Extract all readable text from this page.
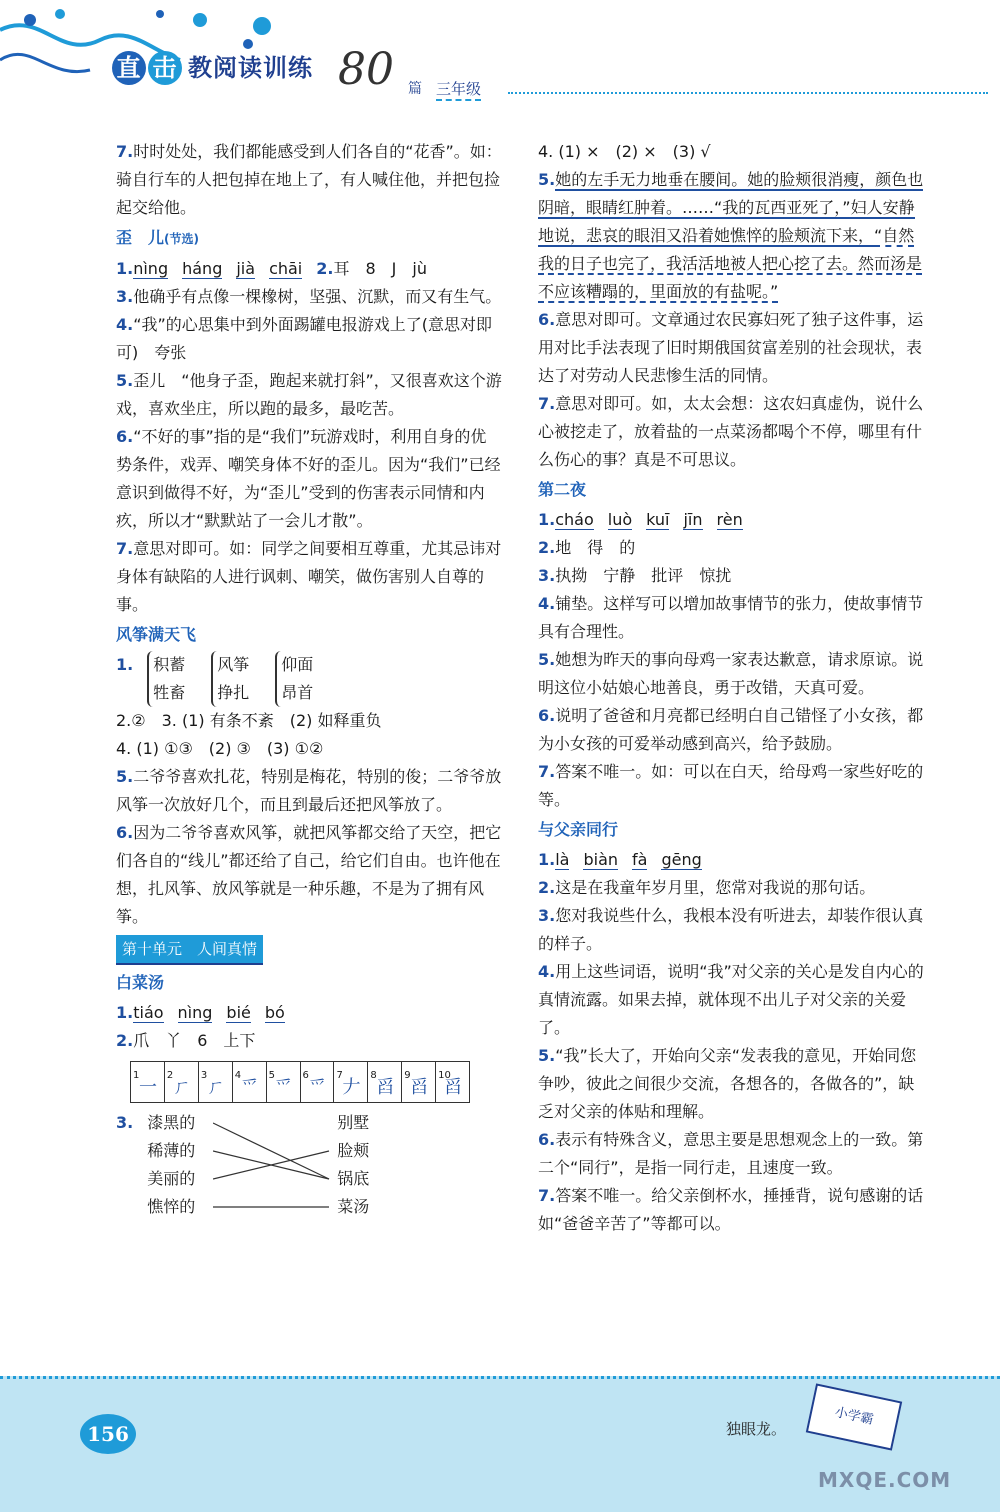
直 击 教阅读训练 80 篇 三年级
7.时时处处，我们都能感受到人们各自的“花香”。如：骑自行车的人把包掉在地上了，有人喊住他，并把包捡起交给他。
歪　儿(节选)
1.nìng háng jià chāi 2.耳　8　J　jù
3.他确乎有点像一棵橡树，坚强、沉默，而又有生气。
4.“我”的心思集中到外面踢罐电报游戏上了(意思对即可)　夸张
5.歪儿　“他身子歪，跑起来就打斜”，又很喜欢这个游戏，喜欢坐庄，所以跑的最多，最吃苦。
6.“不好的事”指的是“我们”玩游戏时，利用自身的优势条件，戏弄、嘲笑身体不好的歪儿。因为“我们”已经意识到做得不好，为“歪儿”受到的伤害表示同情和内疚，所以才“默默站了一会儿才散”。
7.意思对即可。如：同学之间要相互尊重，尤其忌讳对身体有缺陷的人进行讽刺、嘲笑，做伤害别人自尊的事。
风筝满天飞
1. 积蓄
牲畜
风筝
挣扎
仰面
昂首
2.②　3. (1) 有条不紊　(2) 如释重负
4. (1) ①③　(2) ③　(3) ①②
5.二爷爷喜欢扎花，特别是梅花，特别的俊；二爷爷放风筝一次放好几个，而且到最后还把风筝放了。
6.因为二爷爷喜欢风筝，就把风筝都交给了天空，把它们各自的“线儿”都还给了自己，给它们自由。也许他在想，扎风筝、放风筝就是一种乐趣，不是为了拥有风筝。
第十单元　人间真情
白菜汤
1.tiáo nìng bié bó
2.爪　丫　6　上下
1
一
2
ㄏ
3
ㄏ
4
爫
5
爫
6
爫
7
𠂇
8
舀
9
舀
10
舀
3. 漆黑的
稀薄的
美丽的
憔悴的
别墅
脸颊
锅底
菜汤
4. (1) ×　(2) ×　(3) √
5.她的左手无力地垂在腰间。她的脸颊很消瘦，颜色也阴暗，眼睛红肿着。……“我的瓦西亚死了，”妇人安静地说，悲哀的眼泪又沿着她憔悴的脸颊流下来，“自然我的日子也完了，我活活地被人把心挖了去。然而汤是不应该糟蹋的，里面放的有盐呢。”
6.意思对即可。文章通过农民寡妇死了独子这件事，运用对比手法表现了旧时期俄国贫富差别的社会现状，表达了对劳动人民悲惨生活的同情。
7.意思对即可。如，太太会想：这农妇真虚伪，说什么心被挖走了，放着盐的一点菜汤都喝个不停，哪里有什么伤心的事？真是不可思议。
第二夜
1.cháo luò kuī jīn rèn
2.地　得　的
3.执拗　宁静　批评　惊扰
4.铺垫。这样写可以增加故事情节的张力，使故事情节具有合理性。
5.她想为昨天的事向母鸡一家表达歉意，请求原谅。说明这位小姑娘心地善良，勇于改错，天真可爱。
6.说明了爸爸和月亮都已经明白自己错怪了小女孩，都为小女孩的可爱举动感到高兴，给予鼓励。
7.答案不唯一。如：可以在白天，给母鸡一家些好吃的等。
与父亲同行
1.là biàn fà gēng
2.这是在我童年岁月里，您常对我说的那句话。
3.您对我说些什么，我根本没有听进去，却装作很认真的样子。
4.用上这些词语，说明“我”对父亲的关心是发自内心的真情流露。如果去掉，就体现不出儿子对父亲的关爱了。
5.“我”长大了，开始向父亲“发表我的意见，开始同您争吵，彼此之间很少交流，各想各的，各做各的”，缺乏对父亲的体贴和理解。
6.表示有特殊含义，意思主要是思想观念上的一致。第二个“同行”，是指一同行走，且速度一致。
7.答案不唯一。给父亲倒杯水，捶捶背，说句感谢的话如“爸爸辛苦了”等都可以。
156	独眼龙。
小学霸
MXQE.COM
